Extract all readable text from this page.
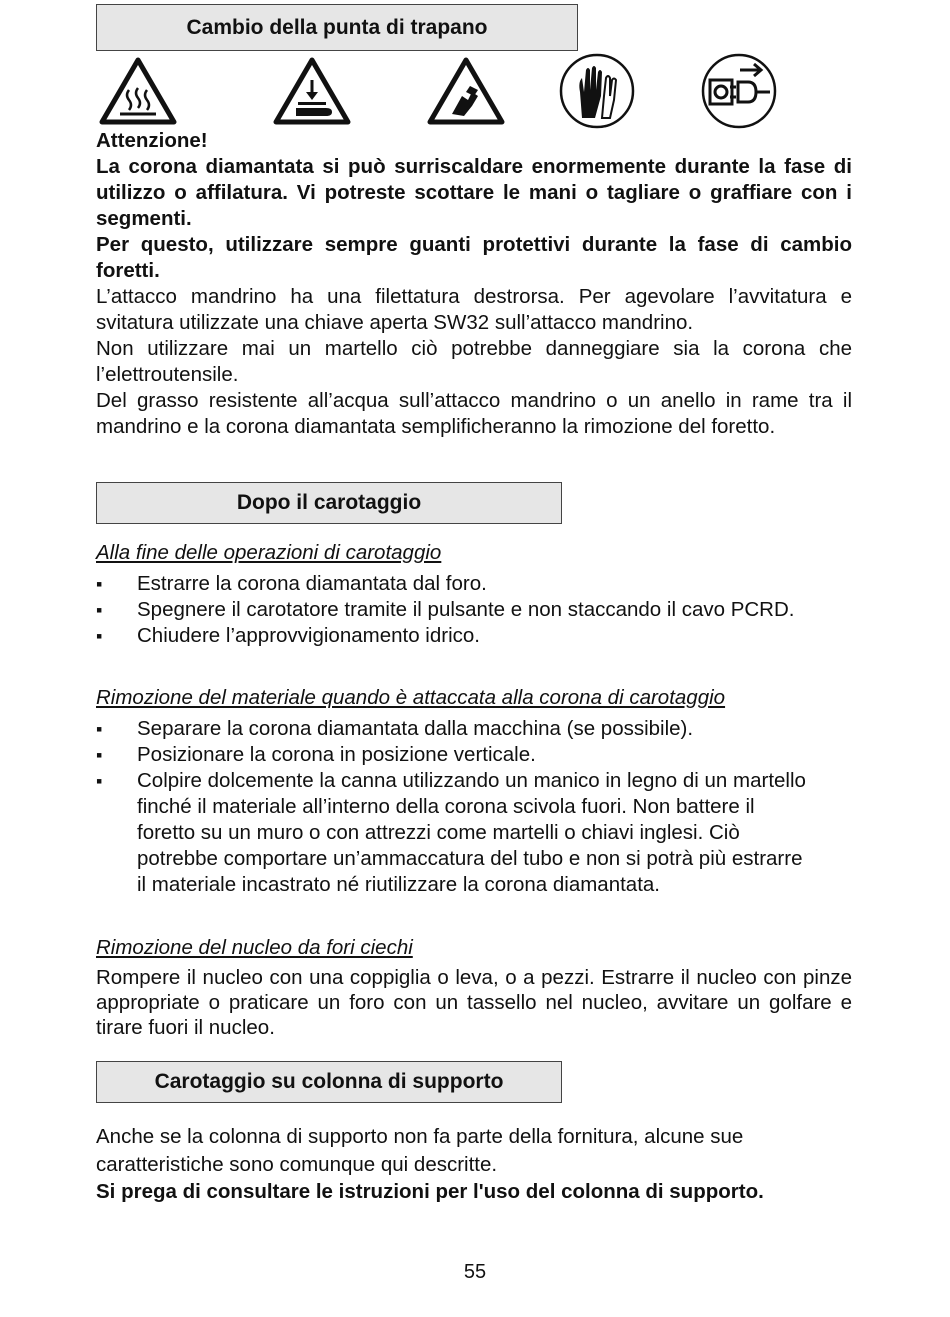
Cambio della punta di trapano
Attenzione!
La corona diamantata si può surriscaldare enormemente durante la fase di utilizzo o affilatura. Vi potreste scottare le mani o tagliare o graffiare con i segmenti.
Per questo, utilizzare sempre guanti protettivi durante la fase di cambio foretti.
L’attacco mandrino ha una filettatura destrorsa. Per agevolare l’avvitatura e svitatura utilizzate una chiave aperta SW32 sull’attacco mandrino.
Non utilizzare mai un martello ciò potrebbe danneggiare sia la corona che l’elettroutensile.
Del grasso resistente all’acqua sull’attacco mandrino o un anello in rame tra il mandrino e la corona diamantata semplificheranno la rimozione del foretto.
Dopo il carotaggio
Alla fine delle operazioni di carotaggio
▪ Estrarre la corona diamantata dal foro.
▪ Spegnere il carotatore tramite il pulsante e non staccando il cavo PCRD.
▪ Chiudere l’approvvigionamento idrico.
Rimozione del materiale quando è attaccata alla corona di carotaggio
▪ Separare la corona diamantata dalla macchina (se possibile).
▪ Posizionare la corona in posizione verticale.
▪ Colpire dolcemente la canna utilizzando un manico in legno di un martello finché il materiale all’interno della corona scivola fuori. Non battere il foretto su un muro o con attrezzi come martelli o chiavi inglesi. Ciò potrebbe comportare un’ammaccatura del tubo e non si potrà più estrarre il materiale incastrato né riutilizzare la corona diamantata.
Rimozione del nucleo da fori ciechi
Rompere il nucleo con una coppiglia o leva, o a pezzi. Estrarre il nucleo con pinze appropriate o praticare un foro con un tassello nel nucleo, avvitare un golfare e tirare fuori il nucleo.
Carotaggio su colonna di supporto
Anche se la colonna di supporto non fa parte della fornitura, alcune sue caratteristiche sono comunque qui descritte.
Si prega di consultare le istruzioni per l'uso del colonna di supporto.
55
